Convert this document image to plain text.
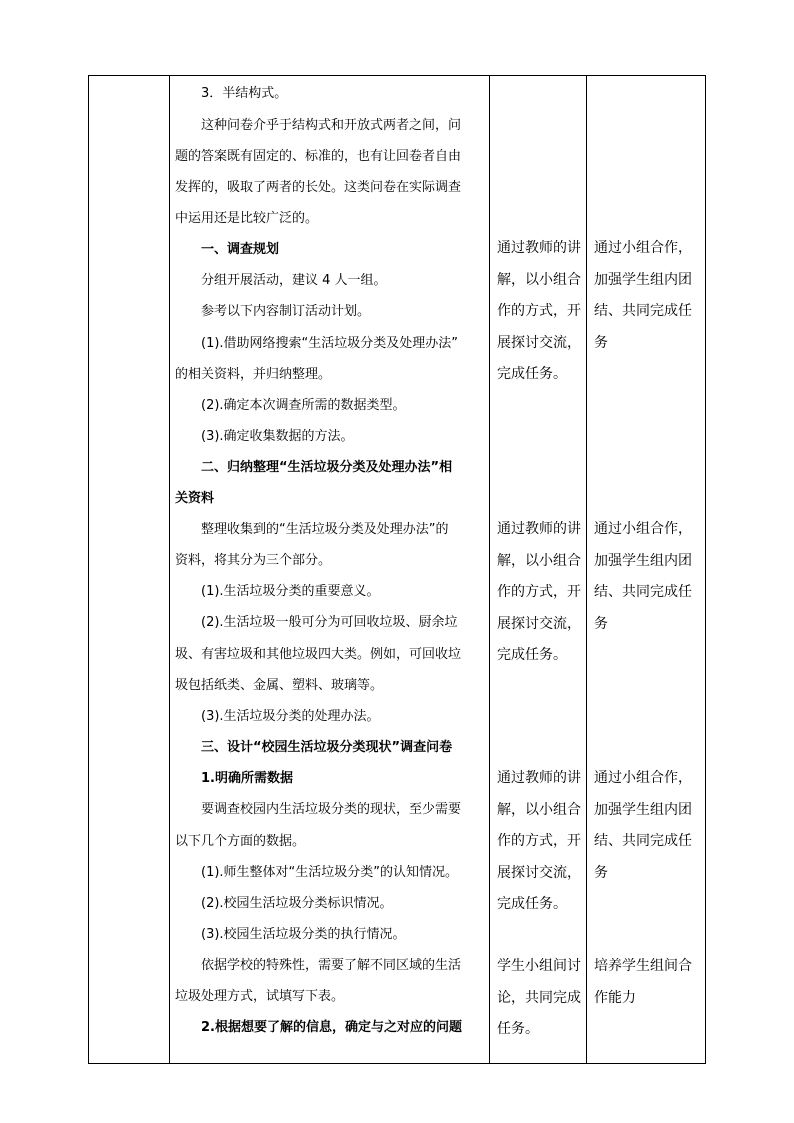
3．半结构式。
这种问卷介乎于结构式和开放式两者之间，问
题的答案既有固定的、标准的，也有让回卷者自由
发挥的，吸取了两者的长处。这类问卷在实际调查
中运用还是比较广泛的。
一、调查规划
分组开展活动，建议 4 人一组。
参考以下内容制订活动计划。
(1).借助网络搜索“生活垃圾分类及处理办法”
的相关资料，并归纳整理。
(2).确定本次调查所需的数据类型。
(3).确定收集数据的方法。
二、归纳整理“生活垃圾分类及处理办法”相
关资料
整理收集到的“生活垃圾分类及处理办法”的
资料，将其分为三个部分。
(1).生活垃圾分类的重要意义。
(2).生活垃圾一般可分为可回收垃圾、厨余垃
圾、有害垃圾和其他垃圾四大类。例如，可回收垃
圾包括纸类、金属、塑料、玻璃等。
(3).生活垃圾分类的处理办法。
三、设计“校园生活垃圾分类现状”调查问卷
1.明确所需数据
要调查校园内生活垃圾分类的现状，至少需要
以下几个方面的数据。
(1).师生整体对“生活垃圾分类”的认知情况。
(2).校园生活垃圾分类标识情况。
(3).校园生活垃圾分类的执行情况。
依据学校的特殊性，需要了解不同区域的生活
垃圾处理方式，试填写下表。
2.根据想要了解的信息，确定与之对应的问题
通过教师的讲
解，以小组合
作的方式，开
展探讨交流，
完成任务。
通过教师的讲
解，以小组合
作的方式，开
展探讨交流，
完成任务。
通过教师的讲
解，以小组合
作的方式，开
展探讨交流，
完成任务。
学生小组间讨
论，共同完成
任务。
通过小组合作，
加强学生组内团
结、共同完成任
务
通过小组合作，
加强学生组内团
结、共同完成任
务
通过小组合作，
加强学生组内团
结、共同完成任
务
培养学生组间合
作能力
